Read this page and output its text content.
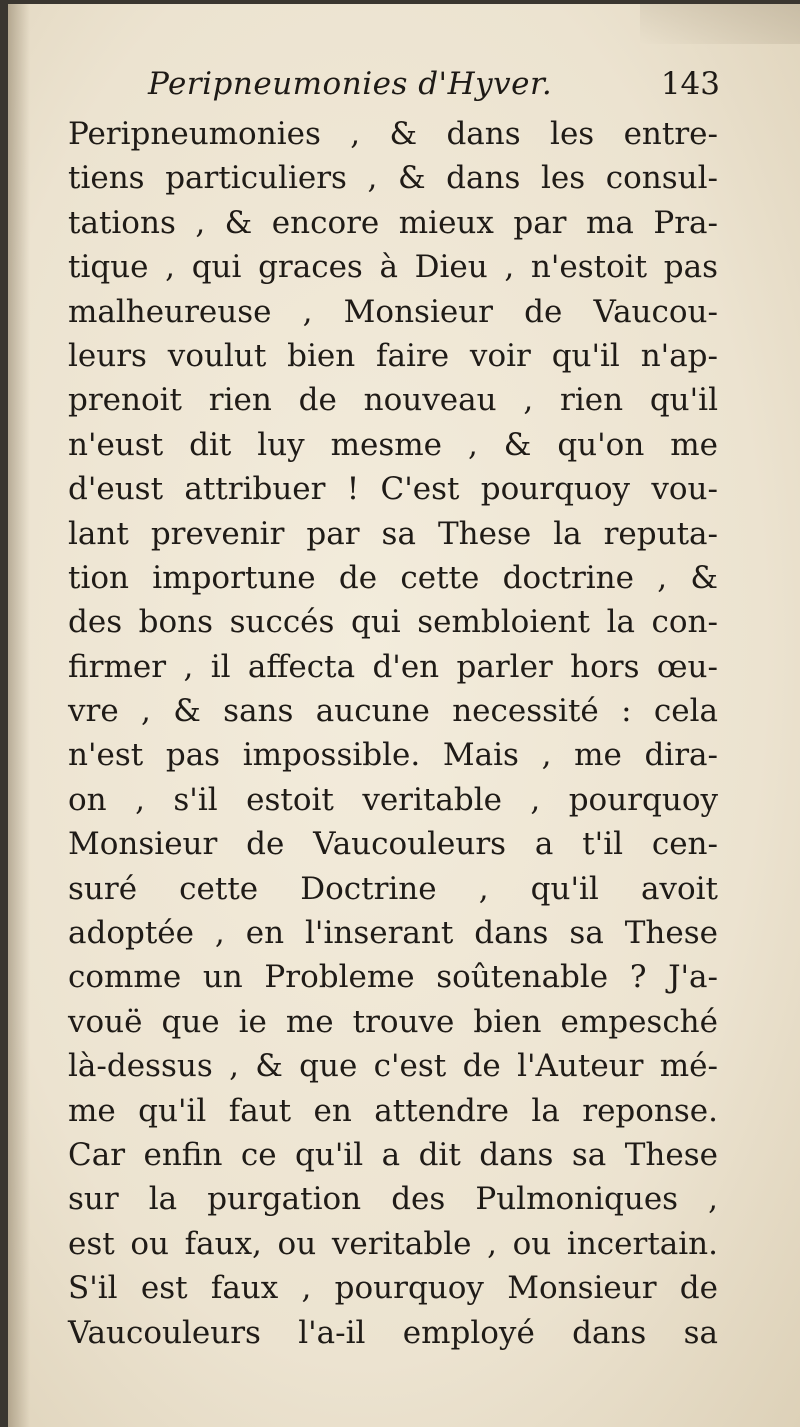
Peripneumonies d'Hyver.	143
Peripneumonies , & dans les entre-
tiens particuliers , & dans les consul-
tations , & encore mieux par ma Pra-
tique , qui graces à Dieu , n'estoit pas
malheureuse , Monsieur de Vaucou-
leurs voulut bien faire voir qu'il n'ap-
prenoit rien de nouveau , rien qu'il
n'eust dit luy mesme , & qu'on me
d'eust attribuer ! C'est pourquoy vou-
lant prevenir par sa These la reputa-
tion importune de cette doctrine , &
des bons succés qui sembloient la con-
firmer , il affecta d'en parler hors œu-
vre , & sans aucune necessité : cela
n'est pas impossible. Mais , me dira-
on , s'il estoit veritable , pourquoy
Monsieur de Vaucouleurs a t'il cen-
suré cette Doctrine , qu'il avoit
adoptée , en l'inserant dans sa These
comme un Probleme soûtenable ? J'a-
vouë que ie me trouve bien empesché
là-dessus , & que c'est de l'Auteur mé-
me qu'il faut en attendre la reponse.
Car enfin ce qu'il a dit dans sa These
sur la purgation des Pulmoniques ,
est ou faux, ou veritable , ou incertain.
S'il est faux , pourquoy Monsieur de
Vaucouleurs l'a-il employé dans sa
